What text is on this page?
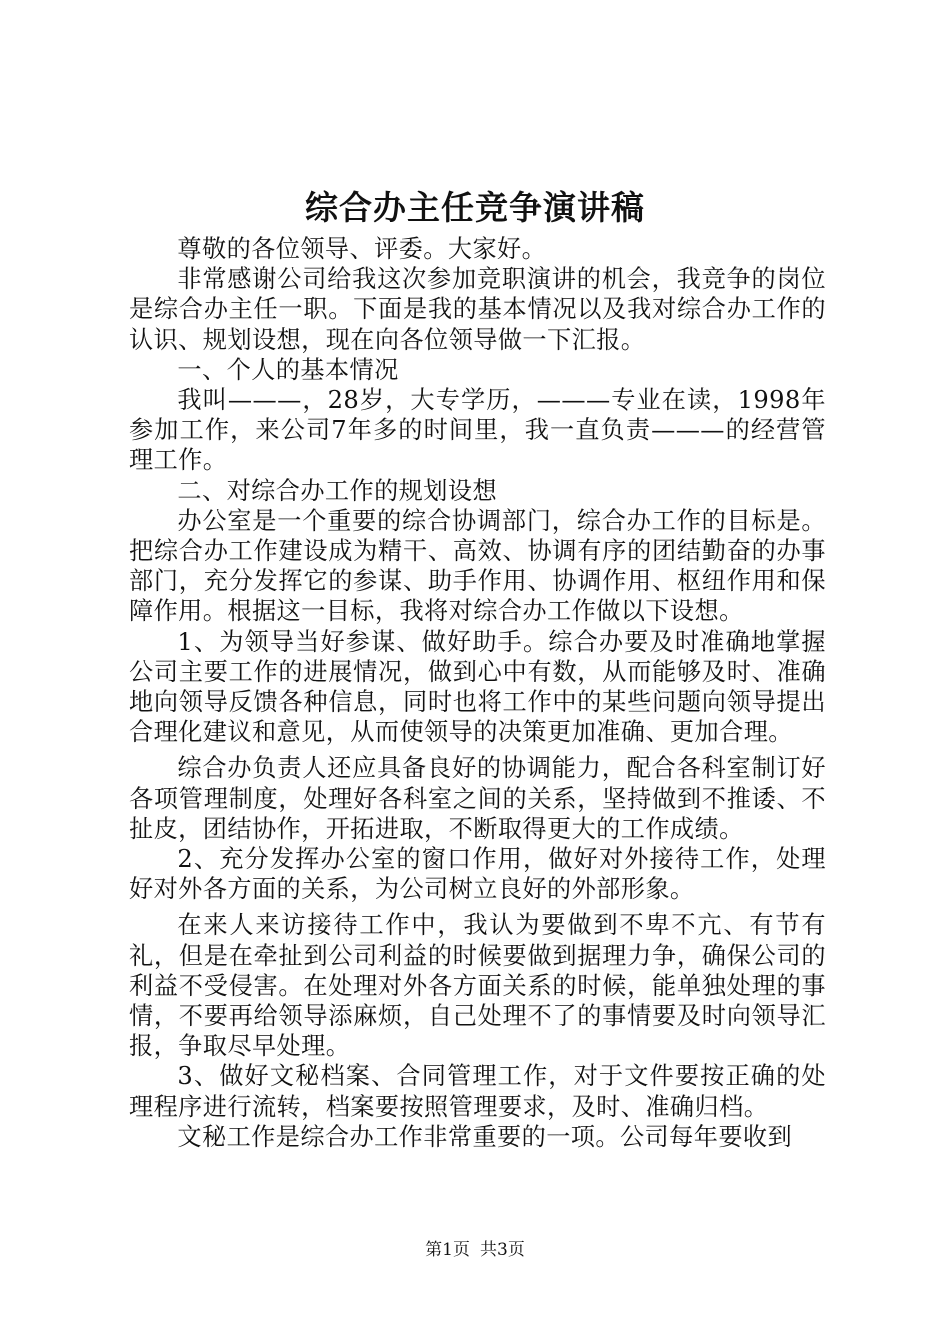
综合办主任竞争演讲稿

尊敬的各位领导、评委。大家好。

非常感谢公司给我这次参加竞职演讲的机会，我竞争的岗位是综合办主任一职。下面是我的基本情况以及我对综合办工作的认识、规划设想，现在向各位领导做一下汇报。

一、个人的基本情况

我叫———，28岁，大专学历，———专业在读，1998年参加工作，来公司7年多的时间里，我一直负责———的经营管理工作。

二、对综合办工作的规划设想

办公室是一个重要的综合协调部门，综合办工作的目标是。把综合办工作建设成为精干、高效、协调有序的团结勤奋的办事部门，充分发挥它的参谋、助手作用、协调作用、枢纽作用和保障作用。根据这一目标，我将对综合办工作做以下设想。

1、为领导当好参谋、做好助手。综合办要及时准确地掌握公司主要工作的进展情况，做到心中有数，从而能够及时、准确地向领导反馈各种信息，同时也将工作中的某些问题向领导提出合理化建议和意见，从而使领导的决策更加准确、更加合理。

综合办负责人还应具备良好的协调能力，配合各科室制订好各项管理制度，处理好各科室之间的关系，坚持做到不推诿、不扯皮，团结协作，开拓进取，不断取得更大的工作成绩。

2、充分发挥办公室的窗口作用，做好对外接待工作，处理好对外各方面的关系，为公司树立良好的外部形象。

在来人来访接待工作中，我认为要做到不卑不亢、有节有礼，但是在牵扯到公司利益的时候要做到据理力争，确保公司的利益不受侵害。在处理对外各方面关系的时候，能单独处理的事情，不要再给领导添麻烦，自己处理不了的事情要及时向领导汇报，争取尽早处理。

3、做好文秘档案、合同管理工作，对于文件要按正确的处理程序进行流转，档案要按照管理要求，及时、准确归档。

文秘工作是综合办工作非常重要的一项。公司每年要收到

第1页 共3页
